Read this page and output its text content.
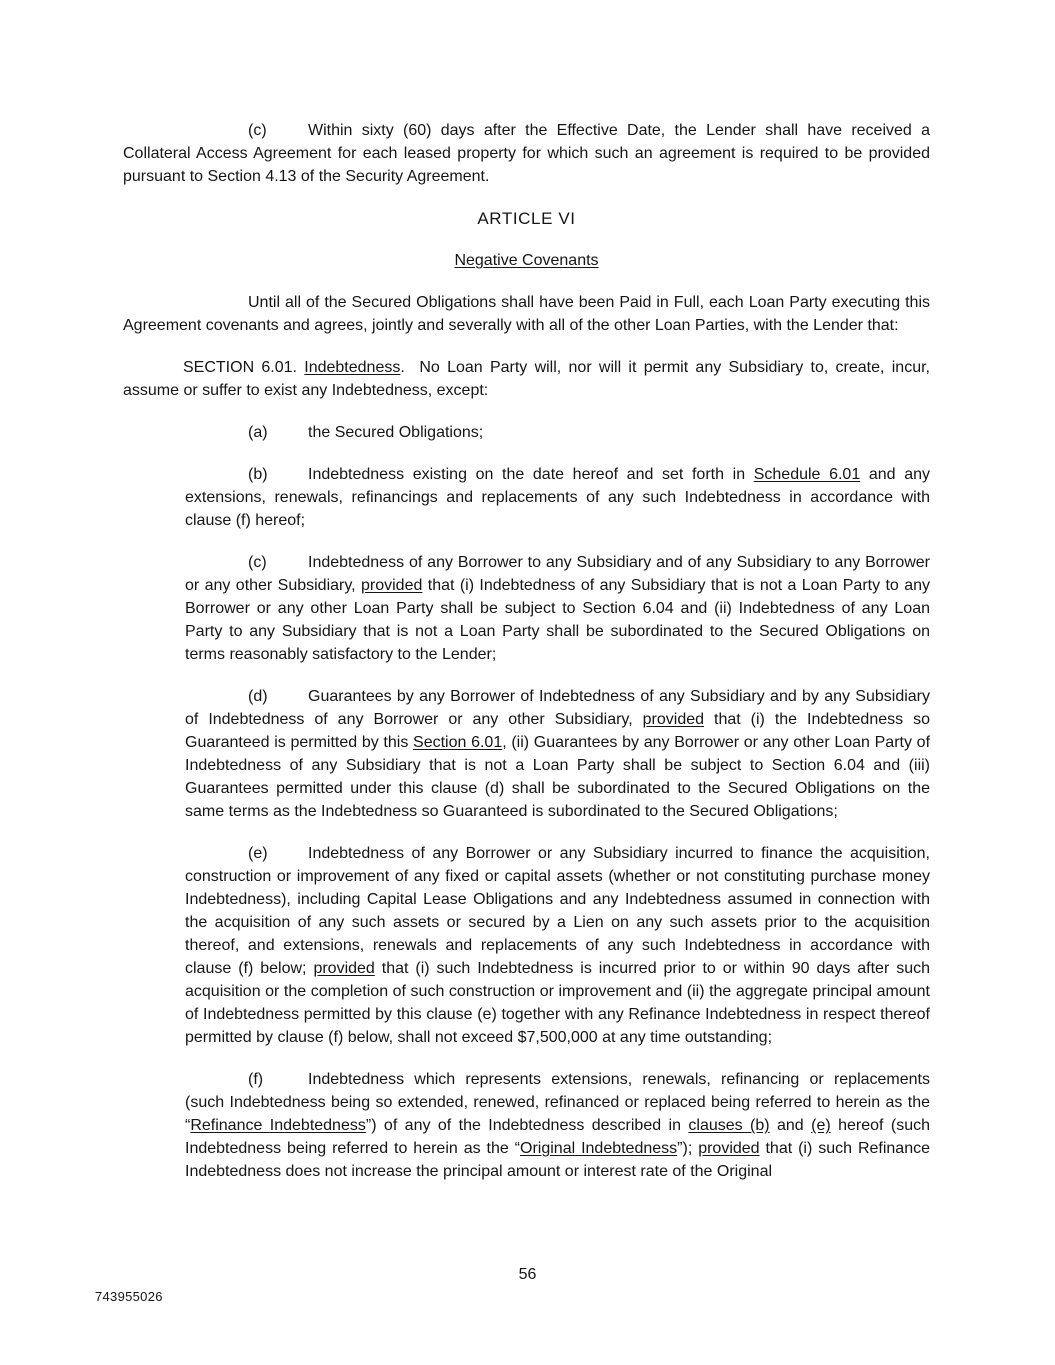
(c)	Within sixty (60) days after the Effective Date, the Lender shall have received a Collateral Access Agreement for each leased property for which such an agreement is required to be provided pursuant to Section 4.13 of the Security Agreement.

ARTICLE VI
Negative Covenants

Until all of the Secured Obligations shall have been Paid in Full, each Loan Party executing this Agreement covenants and agrees, jointly and severally with all of the other Loan Parties, with the Lender that:

SECTION 6.01. Indebtedness.  No Loan Party will, nor will it permit any Subsidiary to, create, incur, assume or suffer to exist any Indebtedness, except:

(a)	the Secured Obligations;

(b)	Indebtedness existing on the date hereof and set forth in Schedule 6.01 and any extensions, renewals, refinancings and replacements of any such Indebtedness in accordance with clause (f) hereof;

(c)	Indebtedness of any Borrower to any Subsidiary and of any Subsidiary to any Borrower or any other Subsidiary, provided that (i) Indebtedness of any Subsidiary that is not a Loan Party to any Borrower or any other Loan Party shall be subject to Section 6.04 and (ii) Indebtedness of any Loan Party to any Subsidiary that is not a Loan Party shall be subordinated to the Secured Obligations on terms reasonably satisfactory to the Lender;

(d)	Guarantees by any Borrower of Indebtedness of any Subsidiary and by any Subsidiary of Indebtedness of any Borrower or any other Subsidiary, provided that (i) the Indebtedness so Guaranteed is permitted by this Section 6.01, (ii) Guarantees by any Borrower or any other Loan Party of Indebtedness of any Subsidiary that is not a Loan Party shall be subject to Section 6.04 and (iii) Guarantees permitted under this clause (d) shall be subordinated to the Secured Obligations on the same terms as the Indebtedness so Guaranteed is subordinated to the Secured Obligations;

(e)	Indebtedness of any Borrower or any Subsidiary incurred to finance the acquisition, construction or improvement of any fixed or capital assets (whether or not constituting purchase money Indebtedness), including Capital Lease Obligations and any Indebtedness assumed in connection with the acquisition of any such assets or secured by a Lien on any such assets prior to the acquisition thereof, and extensions, renewals and replacements of any such Indebtedness in accordance with clause (f) below; provided that (i) such Indebtedness is incurred prior to or within 90 days after such acquisition or the completion of such construction or improvement and (ii) the aggregate principal amount of Indebtedness permitted by this clause (e) together with any Refinance Indebtedness in respect thereof permitted by clause (f) below, shall not exceed $7,500,000 at any time outstanding;

(f)	Indebtedness which represents extensions, renewals, refinancing or replacements (such Indebtedness being so extended, renewed, refinanced or replaced being referred to herein as the “Refinance Indebtedness”) of any of the Indebtedness described in clauses (b) and (e) hereof (such Indebtedness being referred to herein as the “Original Indebtedness”); provided that (i) such Refinance Indebtedness does not increase the principal amount or interest rate of the Original

56
743955026
